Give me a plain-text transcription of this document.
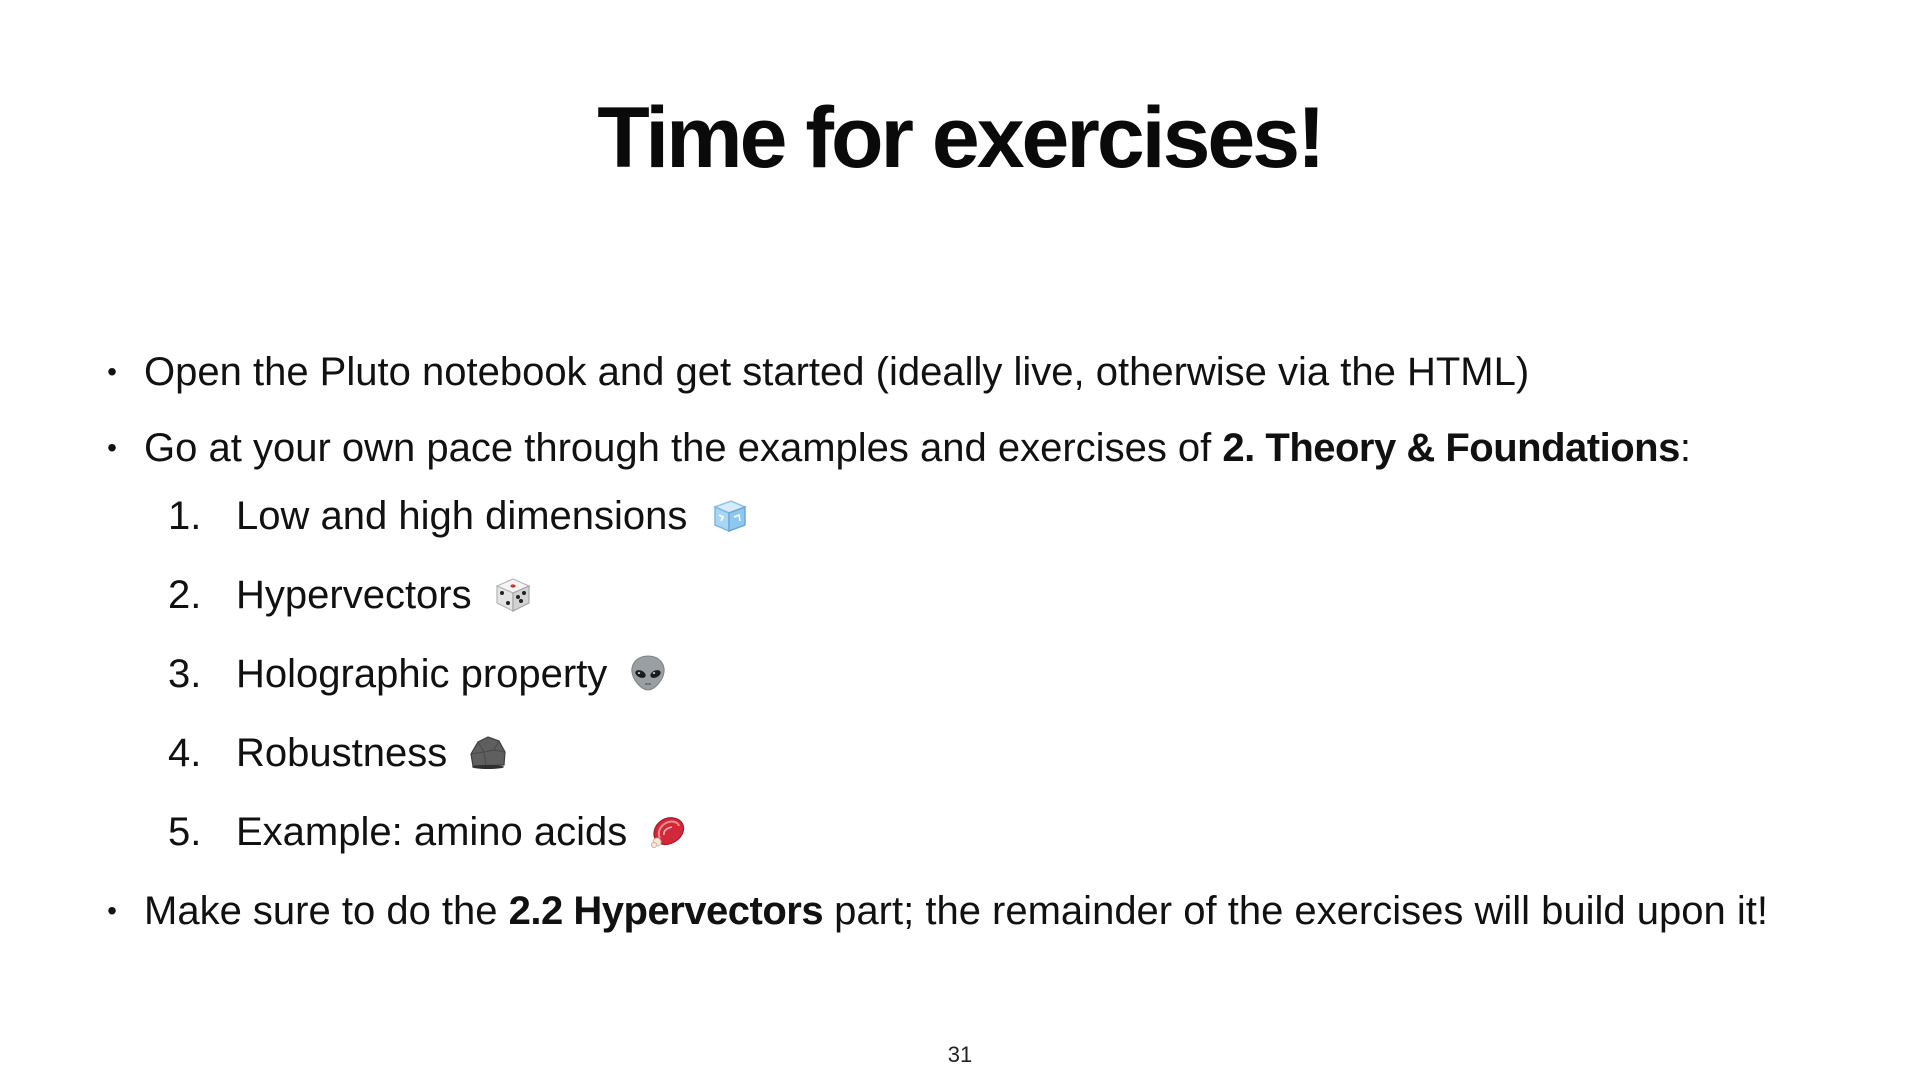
Time for exercises!
• Open the Pluto notebook and get started (ideally live, otherwise via the HTML)
• Go at your own pace through the examples and exercises of 2. Theory & Foundations:
1. Low and high dimensions
2. Hypervectors
3. Holographic property
4. Robustness
5. Example: amino acids
• Make sure to do the 2.2 Hypervectors part; the remainder of the exercises will build upon it!
31
